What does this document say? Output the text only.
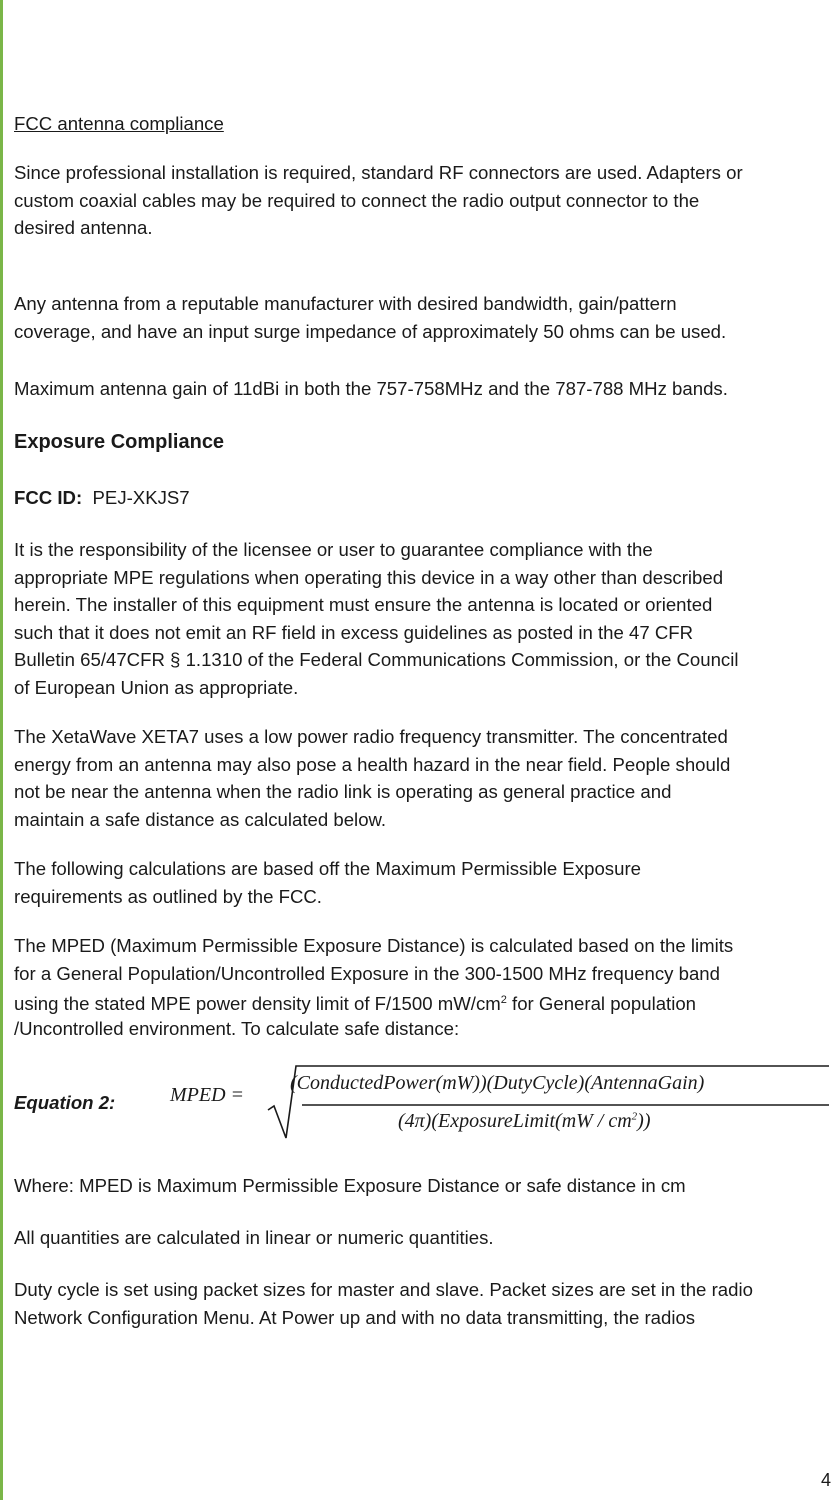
FCC antenna compliance

Since professional installation is required, standard RF connectors are used. Adapters or

custom coaxial cables may be required to connect the radio output connector to the

desired antenna.

Any antenna from a reputable manufacturer with desired bandwidth, gain/pattern

coverage, and have an input surge impedance of approximately 50 ohms can be used.

Maximum antenna gain of 11dBi in both the 757-758MHz and the 787-788 MHz bands.

Exposure Compliance

FCC ID: PEJ-XKJS7

It is the responsibility of the licensee or user to guarantee compliance with the

appropriate MPE regulations when operating this device in a way other than described

herein. The installer of this equipment must ensure the antenna is located or oriented

such that it does not emit an RF field in excess guidelines as posted in the 47 CFR

Bulletin 65/47CFR § 1.1310 of the Federal Communications Commission, or the Council

of European Union as appropriate.

The XetaWave XETA7 uses a low power radio frequency transmitter. The concentrated

energy from an antenna may also pose a health hazard in the near field. People should

not be near the antenna when the radio link is operating as general practice and

maintain a safe distance as calculated below.

The following calculations are based off the Maximum Permissible Exposure

requirements as outlined by the FCC.

The MPED (Maximum Permissible Exposure Distance) is calculated based on the limits

for a General Population/Uncontrolled Exposure in the 300-1500 MHz frequency band

using the stated MPE power density limit of F/1500 $mW/cm^2$ for General population

/Uncontrolled environment. To calculate safe distance:

Equation 2:	MPED =
(ConductedPower(mW))(DutyCycle)(AntennaGain)
(4π)(ExposureLimit(mW / $cm^2$))

Where: MPED is Maximum Permissible Exposure Distance or safe distance in cm

All quantities are calculated in linear or numeric quantities.

Duty cycle is set using packet sizes for master and slave. Packet sizes are set in the radio

Network Configuration Menu. At Power up and with no data transmitting, the radios

4
